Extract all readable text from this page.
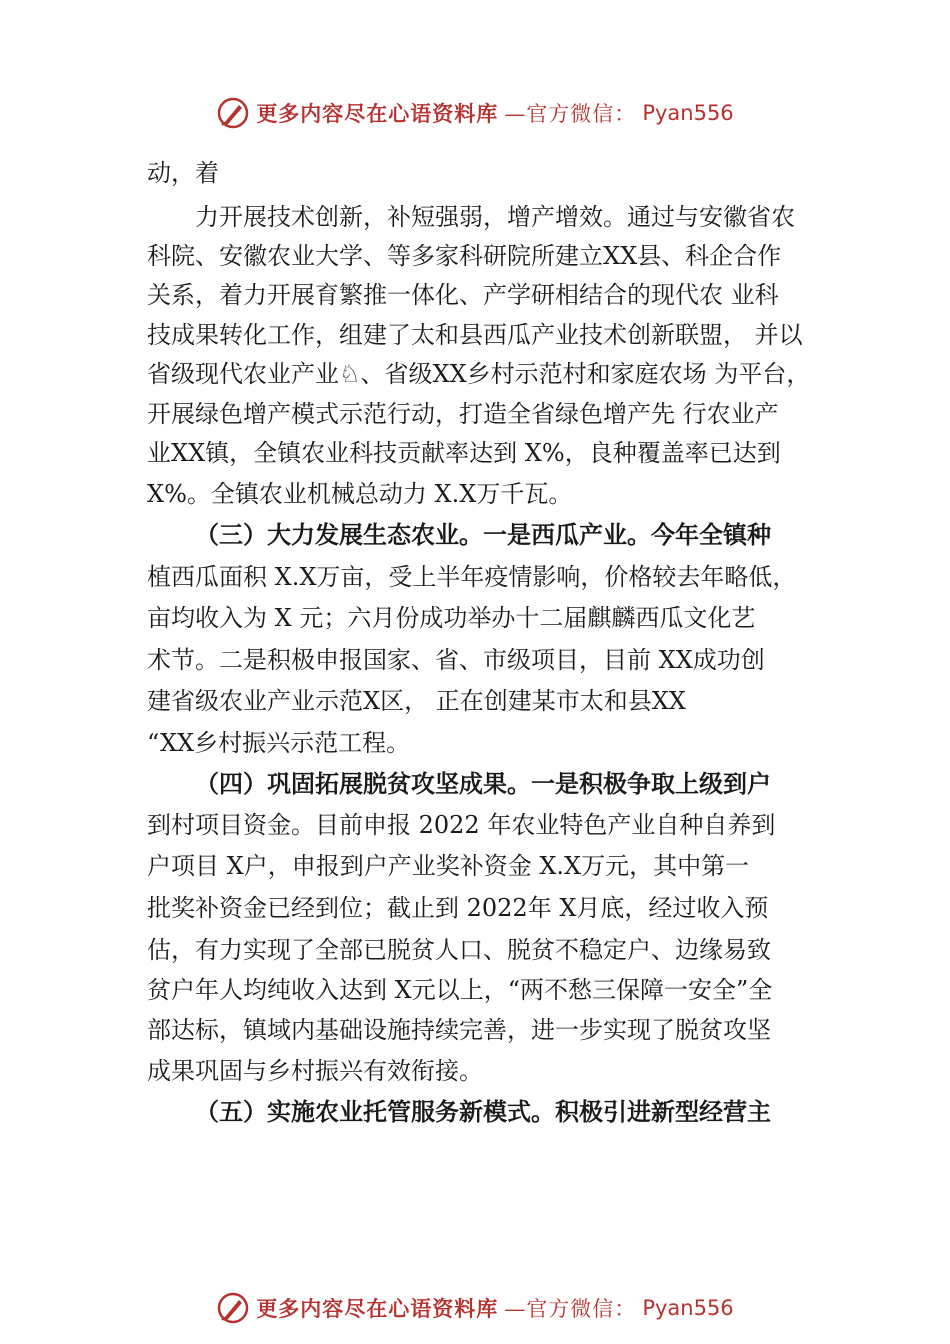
更多内容尽在心语资料库 —官方微信： Pyan556
动，着
力开展技术创新，补短强弱，增产增效。通过与安徽省农
科院、安徽农业大学、等多家科研院所建立XX县、科企合作
关系，着力开展育繁推一体化、产学研相结合的现代农 业科
技成果转化工作，组建了太和县西瓜产业技术创新联盟， 并以
省级现代农业产业♘、省级XX乡村示范村和家庭农场 为平台，
开展绿色增产模式示范行动，打造全省绿色增产先 行农业产
业XX镇，全镇农业科技贡献率达到 X%，良种覆盖率已达到
X%。全镇农业机械总动力 X.X万千瓦。
（三）大力发展生态农业。一是西瓜产业。今年全镇种
植西瓜面积 X.X万亩，受上半年疫情影响，价格较去年略低，
亩均收入为 X 元；六月份成功举办十二届麒麟西瓜文化艺
术节。二是积极申报国家、省、市级项目，目前 XX成功创
建省级农业产业示范X区， 正在创建某市太和县XX
“XX乡村振兴示范工程。
（四）巩固拓展脱贫攻坚成果。一是积极争取上级到户
到村项目资金。目前申报 2022 年农业特色产业自种自养到
户项目 X户，申报到户产业奖补资金 X.X万元，其中第一
批奖补资金已经到位；截止到 2022年 X月底，经过收入预
估，有力实现了全部已脱贫人口、脱贫不稳定户、边缘易致
贫户年人均纯收入达到 X元以上，“两不愁三保障一安全”全
部达标，镇域内基础设施持续完善，进一步实现了脱贫攻坚
成果巩固与乡村振兴有效衔接。
（五）实施农业托管服务新模式。积极引进新型经营主
更多内容尽在心语资料库 —官方微信： Pyan556
